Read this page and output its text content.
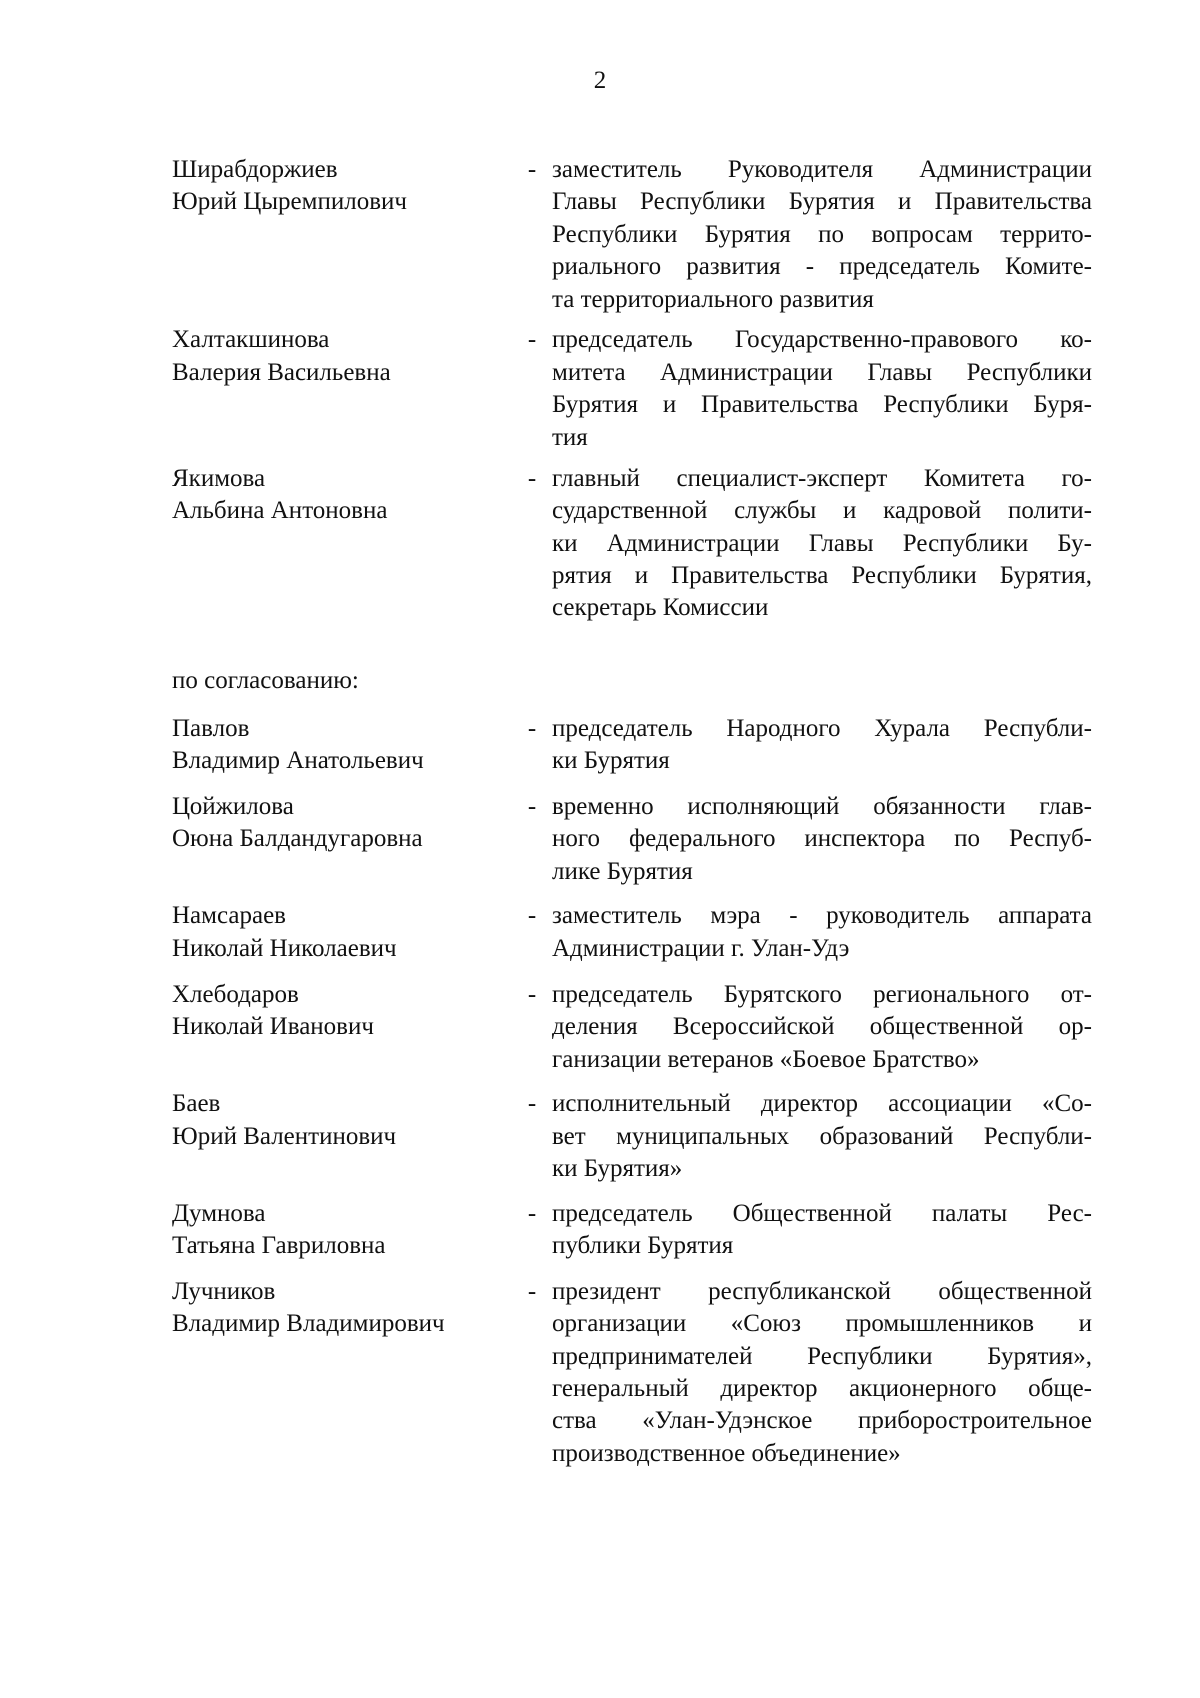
2
Ширабдоржиев
Юрий Цыремпилович
- заместитель Руководителя Администрации
Главы Республики Бурятия и Правительства
Республики Бурятия по вопросам террито-
риального развития - председатель Комите-
та территориального развития
Халтакшинова
Валерия Васильевна
- председатель Государственно-правового ко-
митета Администрации Главы Республики
Бурятия и Правительства Республики Буря-
тия
Якимова
Альбина Антоновна
- главный специалист-эксперт Комитета го-
сударственной службы и кадровой полити-
ки Администрации Главы Республики Бу-
рятия и Правительства Республики Бурятия,
секретарь Комиссии
по согласованию:
Павлов
Владимир Анатольевич
- председатель Народного Хурала Республи-
ки Бурятия
Цойжилова
Оюна Балдандугаровна
- временно исполняющий обязанности глав-
ного федерального инспектора по Респуб-
лике Бурятия
Намсараев
Николай Николаевич
- заместитель мэра - руководитель аппарата
Администрации г. Улан-Удэ
Хлебодаров
Николай Иванович
- председатель Бурятского регионального от-
деления Всероссийской общественной ор-
ганизации ветеранов «Боевое Братство»
Баев
Юрий Валентинович
- исполнительный директор ассоциации «Со-
вет муниципальных образований Республи-
ки Бурятия»
Думнова
Татьяна Гавриловна
- председатель Общественной палаты Рес-
публики Бурятия
Лучников
Владимир Владимирович
- президент республиканской общественной
организации «Союз промышленников и
предпринимателей Республики Бурятия»,
генеральный директор акционерного обще-
ства «Улан-Удэнское приборостроительное
производственное объединение»
